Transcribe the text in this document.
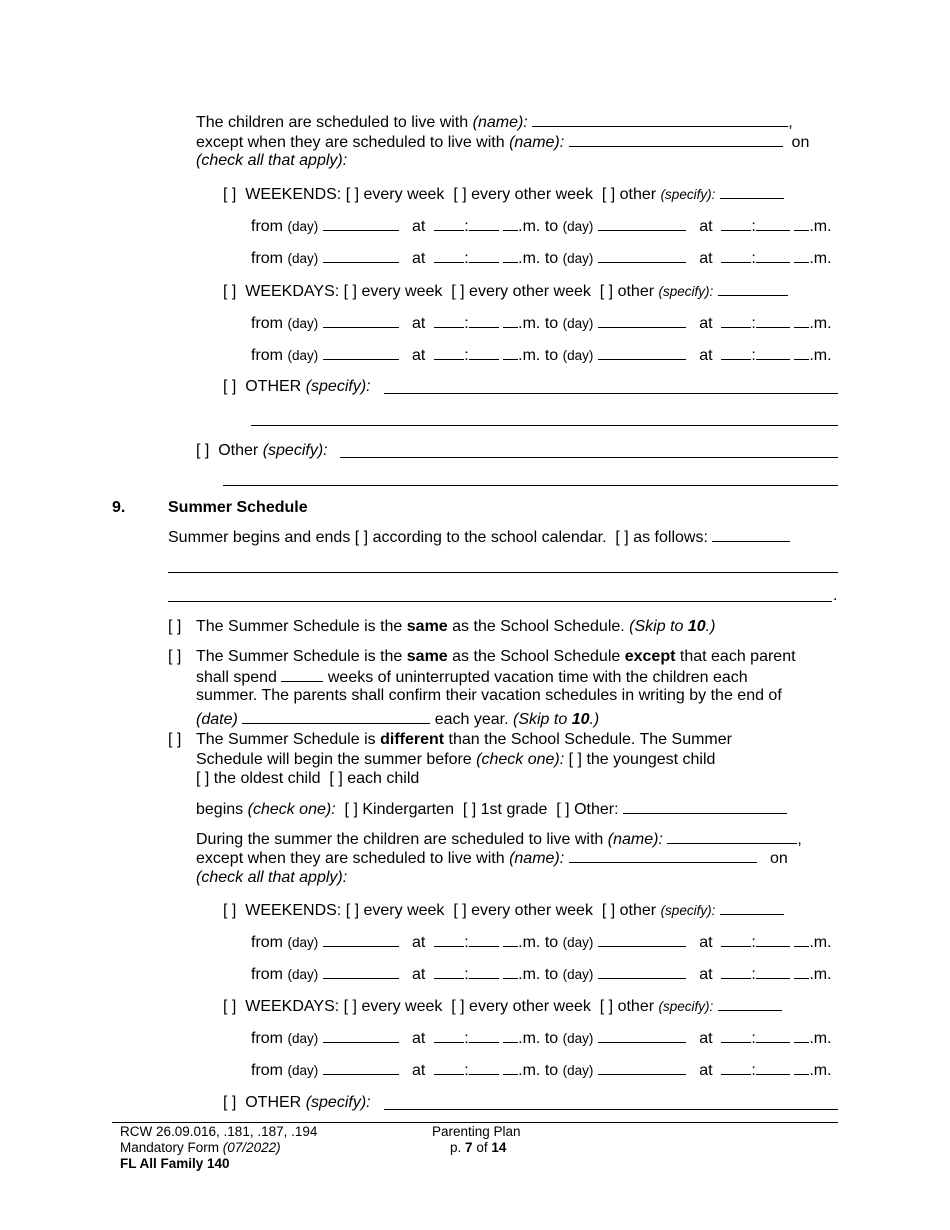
The children are scheduled to live with (name):	,
except when they are scheduled to live with (name):	on
(check all that apply):
[ ] WEEKENDS: [ ] every week [ ] every other week [ ] other (specify):
from (day)	at :	.m. to (day)	at :	.m.
from (day)	at :	.m. to (day)	at :	.m.
[ ] WEEKDAYS: [ ] every week [ ] every other week [ ] other (specify):
from (day)	at :	.m. to (day)	at :	.m.
from (day)	at :	.m. to (day)	at :	.m.
[ ] OTHER (specify):
[ ] Other (specify):
9.	Summer Schedule
Summer begins and ends [ ] according to the school calendar. [ ] as follows:
.
[ ] The Summer Schedule is the same as the School Schedule. (Skip to 10.)
[ ] The Summer Schedule is the same as the School Schedule except that each parent
shall spend	weeks of uninterrupted vacation time with the children each
summer. The parents shall confirm their vacation schedules in writing by the end of
(date)	each year. (Skip to 10.)
[ ] The Summer Schedule is different than the School Schedule. The Summer
Schedule will begin the summer before (check one): [ ] the youngest child
[ ] the oldest child [ ] each child
begins (check one): [ ] Kindergarten [ ] 1st grade [ ] Other:
During the summer the children are scheduled to live with (name):	,
except when they are scheduled to live with (name):	on
(check all that apply):
[ ] WEEKENDS: [ ] every week [ ] every other week [ ] other (specify):
from (day)	at :	.m. to (day)	at :	.m.
from (day)	at :	.m. to (day)	at :	.m.
[ ] WEEKDAYS: [ ] every week [ ] every other week [ ] other (specify):
from (day)	at :	.m. to (day)	at :	.m.
from (day)	at :	.m. to (day)	at :	.m.
[ ] OTHER (specify):
RCW 26.09.016, .181, .187, .194
Mandatory Form (07/2022)
FL All Family 140
Parenting Plan
p. 7 of 14
